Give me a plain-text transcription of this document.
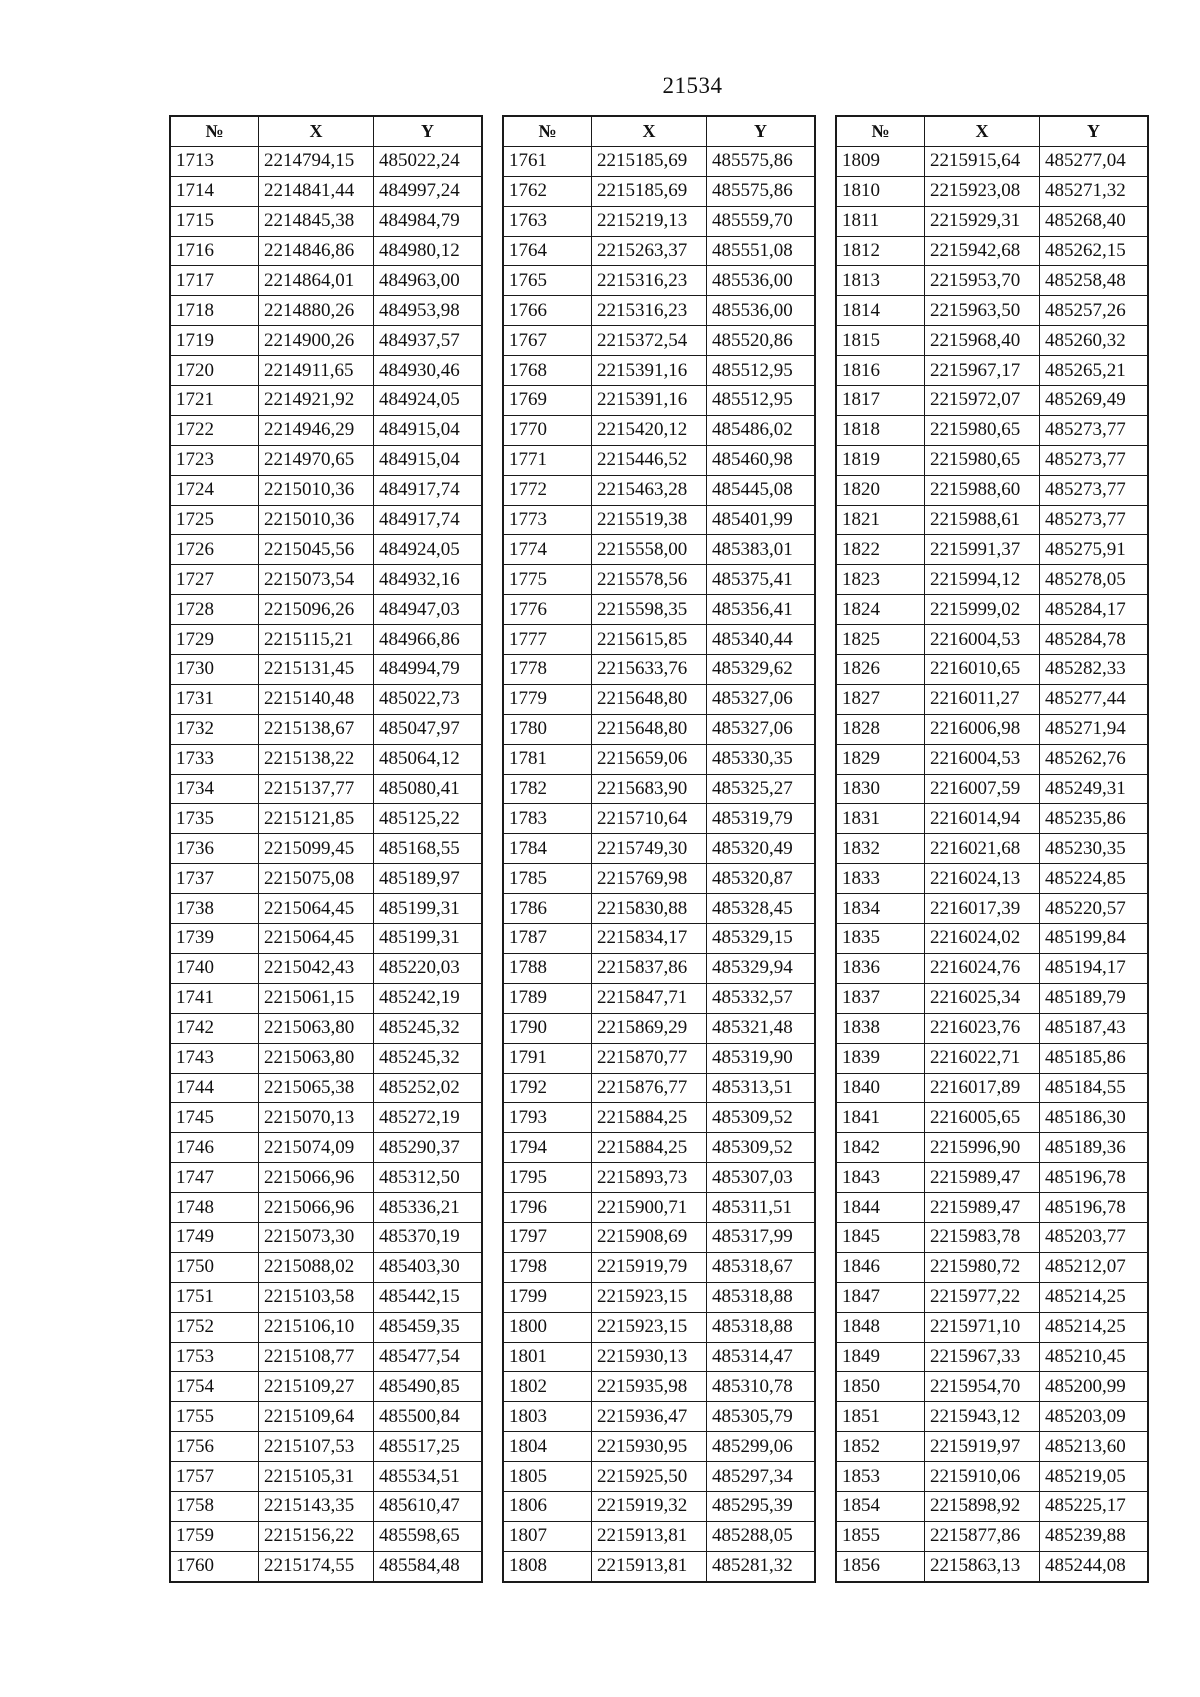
21534
№	X	Y
1713	2214794,15	485022,24
1714	2214841,44	484997,24
1715	2214845,38	484984,79
1716	2214846,86	484980,12
1717	2214864,01	484963,00
1718	2214880,26	484953,98
1719	2214900,26	484937,57
1720	2214911,65	484930,46
1721	2214921,92	484924,05
1722	2214946,29	484915,04
1723	2214970,65	484915,04
1724	2215010,36	484917,74
1725	2215010,36	484917,74
1726	2215045,56	484924,05
1727	2215073,54	484932,16
1728	2215096,26	484947,03
1729	2215115,21	484966,86
1730	2215131,45	484994,79
1731	2215140,48	485022,73
1732	2215138,67	485047,97
1733	2215138,22	485064,12
1734	2215137,77	485080,41
1735	2215121,85	485125,22
1736	2215099,45	485168,55
1737	2215075,08	485189,97
1738	2215064,45	485199,31
1739	2215064,45	485199,31
1740	2215042,43	485220,03
1741	2215061,15	485242,19
1742	2215063,80	485245,32
1743	2215063,80	485245,32
1744	2215065,38	485252,02
1745	2215070,13	485272,19
1746	2215074,09	485290,37
1747	2215066,96	485312,50
1748	2215066,96	485336,21
1749	2215073,30	485370,19
1750	2215088,02	485403,30
1751	2215103,58	485442,15
1752	2215106,10	485459,35
1753	2215108,77	485477,54
1754	2215109,27	485490,85
1755	2215109,64	485500,84
1756	2215107,53	485517,25
1757	2215105,31	485534,51
1758	2215143,35	485610,47
1759	2215156,22	485598,65
1760	2215174,55	485584,48
№	X	Y
1761	2215185,69	485575,86
1762	2215185,69	485575,86
1763	2215219,13	485559,70
1764	2215263,37	485551,08
1765	2215316,23	485536,00
1766	2215316,23	485536,00
1767	2215372,54	485520,86
1768	2215391,16	485512,95
1769	2215391,16	485512,95
1770	2215420,12	485486,02
1771	2215446,52	485460,98
1772	2215463,28	485445,08
1773	2215519,38	485401,99
1774	2215558,00	485383,01
1775	2215578,56	485375,41
1776	2215598,35	485356,41
1777	2215615,85	485340,44
1778	2215633,76	485329,62
1779	2215648,80	485327,06
1780	2215648,80	485327,06
1781	2215659,06	485330,35
1782	2215683,90	485325,27
1783	2215710,64	485319,79
1784	2215749,30	485320,49
1785	2215769,98	485320,87
1786	2215830,88	485328,45
1787	2215834,17	485329,15
1788	2215837,86	485329,94
1789	2215847,71	485332,57
1790	2215869,29	485321,48
1791	2215870,77	485319,90
1792	2215876,77	485313,51
1793	2215884,25	485309,52
1794	2215884,25	485309,52
1795	2215893,73	485307,03
1796	2215900,71	485311,51
1797	2215908,69	485317,99
1798	2215919,79	485318,67
1799	2215923,15	485318,88
1800	2215923,15	485318,88
1801	2215930,13	485314,47
1802	2215935,98	485310,78
1803	2215936,47	485305,79
1804	2215930,95	485299,06
1805	2215925,50	485297,34
1806	2215919,32	485295,39
1807	2215913,81	485288,05
1808	2215913,81	485281,32
№	X	Y
1809	2215915,64	485277,04
1810	2215923,08	485271,32
1811	2215929,31	485268,40
1812	2215942,68	485262,15
1813	2215953,70	485258,48
1814	2215963,50	485257,26
1815	2215968,40	485260,32
1816	2215967,17	485265,21
1817	2215972,07	485269,49
1818	2215980,65	485273,77
1819	2215980,65	485273,77
1820	2215988,60	485273,77
1821	2215988,61	485273,77
1822	2215991,37	485275,91
1823	2215994,12	485278,05
1824	2215999,02	485284,17
1825	2216004,53	485284,78
1826	2216010,65	485282,33
1827	2216011,27	485277,44
1828	2216006,98	485271,94
1829	2216004,53	485262,76
1830	2216007,59	485249,31
1831	2216014,94	485235,86
1832	2216021,68	485230,35
1833	2216024,13	485224,85
1834	2216017,39	485220,57
1835	2216024,02	485199,84
1836	2216024,76	485194,17
1837	2216025,34	485189,79
1838	2216023,76	485187,43
1839	2216022,71	485185,86
1840	2216017,89	485184,55
1841	2216005,65	485186,30
1842	2215996,90	485189,36
1843	2215989,47	485196,78
1844	2215989,47	485196,78
1845	2215983,78	485203,77
1846	2215980,72	485212,07
1847	2215977,22	485214,25
1848	2215971,10	485214,25
1849	2215967,33	485210,45
1850	2215954,70	485200,99
1851	2215943,12	485203,09
1852	2215919,97	485213,60
1853	2215910,06	485219,05
1854	2215898,92	485225,17
1855	2215877,86	485239,88
1856	2215863,13	485244,08
